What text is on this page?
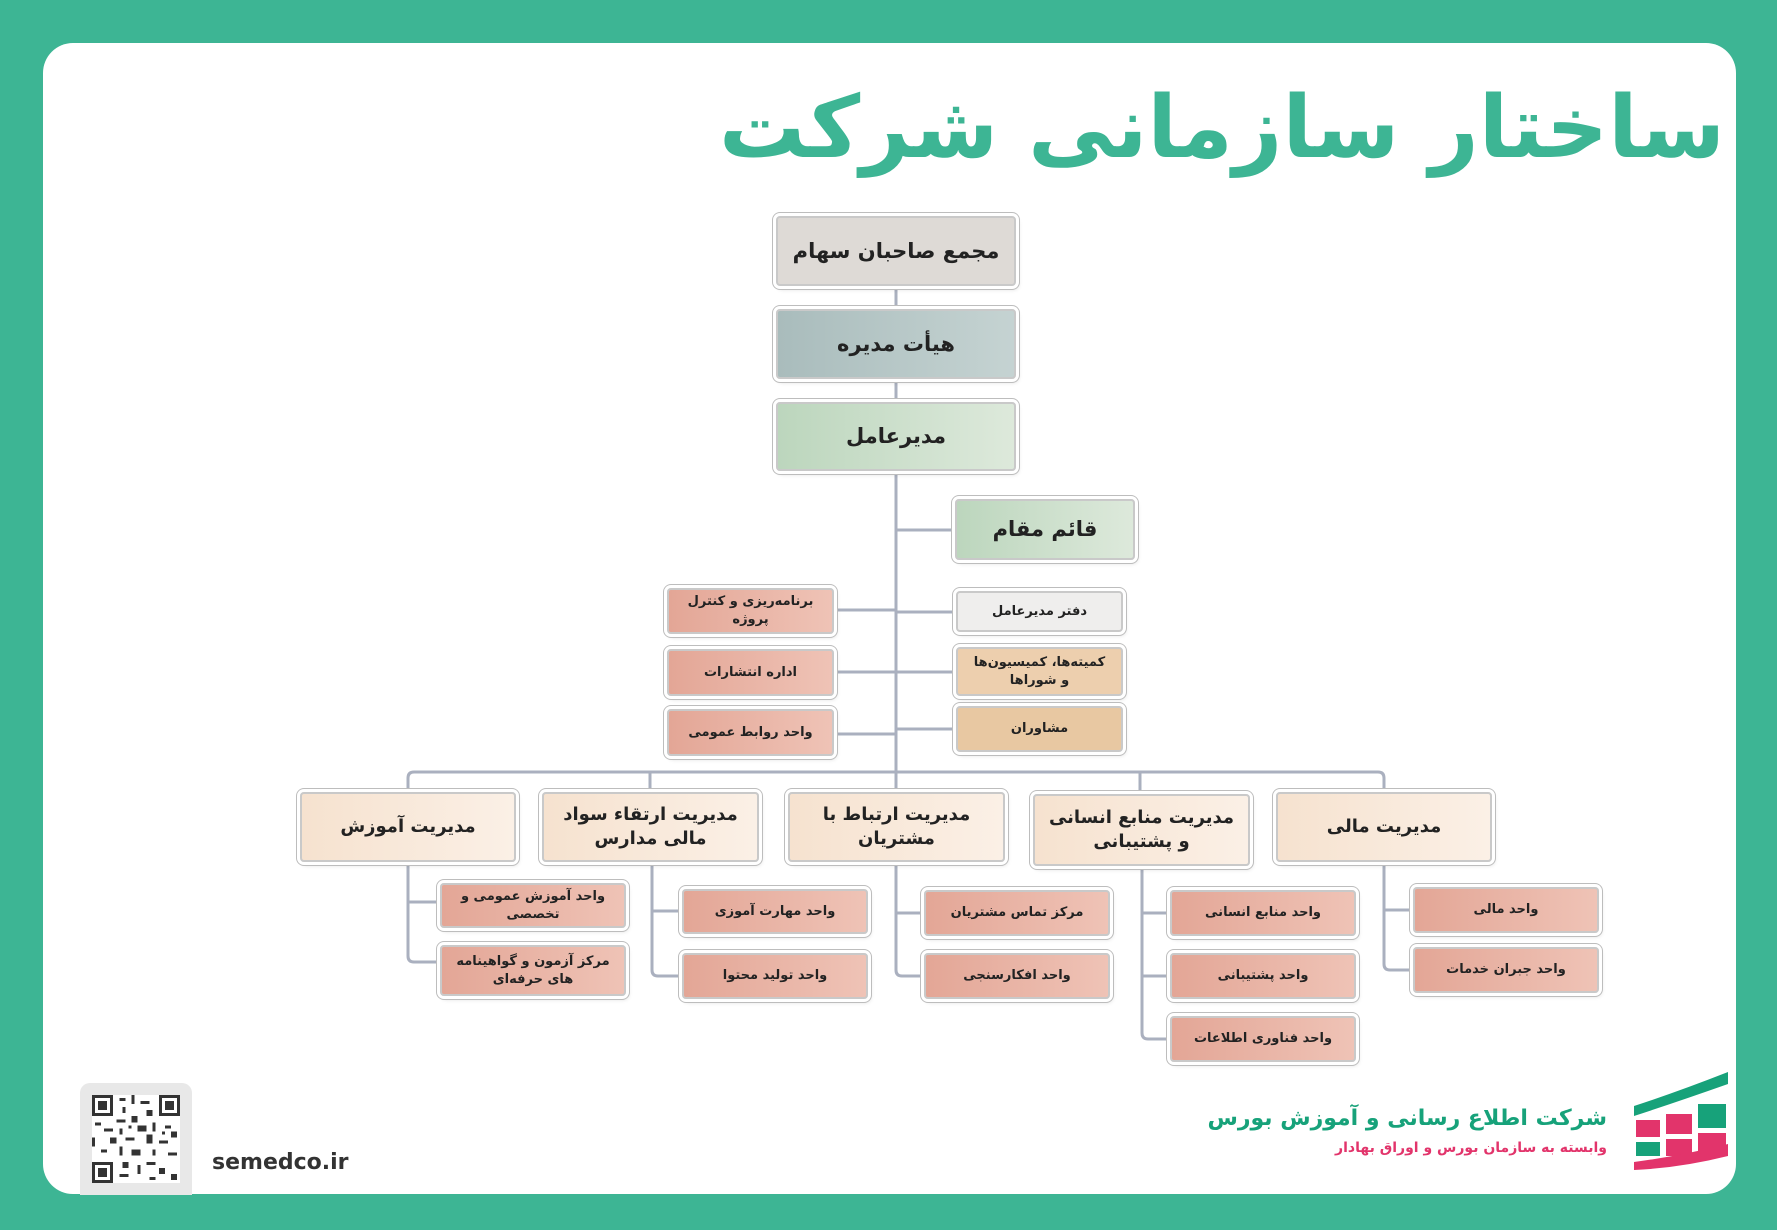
ساختار سازمانی شرکت
مجمع صاحبان سهام
هیأت مدیره
مدیرعامل
قائم مقام
برنامه‌ریزی و کنترل پروژه
اداره انتشارات
واحد روابط عمومی
دفتر مدیرعامل
کمیته‌ها، کمیسیون‌ها و شوراها
مشاوران
مدیریت آموزش
مدیریت ارتقاء سواد مالی مدارس
مدیریت ارتباط با مشتریان
مدیریت منابع انسانی و پشتیبانی
مدیریت مالی
واحد آموزش عمومی و تخصصی
مرکز آزمون و گواهینامه های حرفه‌ای
واحد مهارت آموزی
واحد تولید محتوا
مرکز تماس مشتریان
واحد افکارسنجی
واحد منابع انسانی
واحد پشتیبانی
واحد فناوری اطلاعات
واحد مالی
واحد جبران خدمات
semedco.ir
شرکت اطلاع رسانی و آموزش بورس
وابسته به سازمان بورس و اوراق بهادار
